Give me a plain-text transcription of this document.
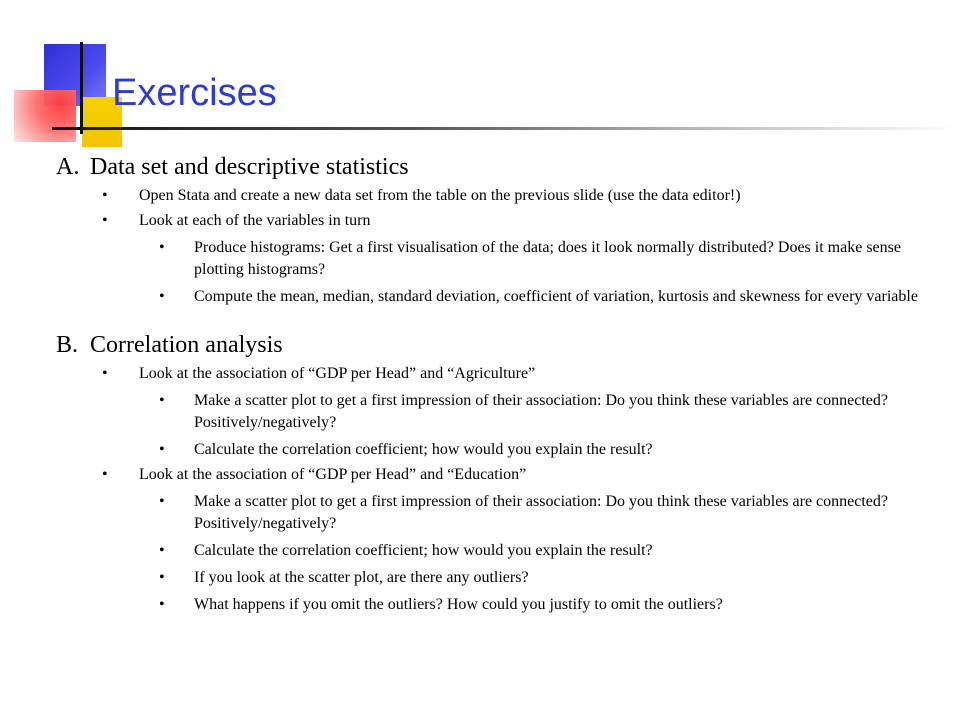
Exercises
A. Data set and descriptive statistics
• Open Stata and create a new data set from the table on the previous slide (use the data editor!)
• Look at each of the variables in turn
• Produce histograms: Get a first visualisation of the data; does it look normally distributed? Does it make sense plotting histograms?
• Compute the mean, median, standard deviation, coefficient of variation, kurtosis and skewness for every variable
B. Correlation analysis
• Look at the association of “GDP per Head” and “Agriculture”
• Make a scatter plot to get a first impression of their association: Do you think these variables are connected? Positively/negatively?
• Calculate the correlation coefficient; how would you explain the result?
• Look at the association of “GDP per Head” and “Education”
• Make a scatter plot to get a first impression of their association: Do you think these variables are connected? Positively/negatively?
• Calculate the correlation coefficient; how would you explain the result?
• If you look at the scatter plot, are there any outliers?
• What happens if you omit the outliers? How could you justify to omit the outliers?
